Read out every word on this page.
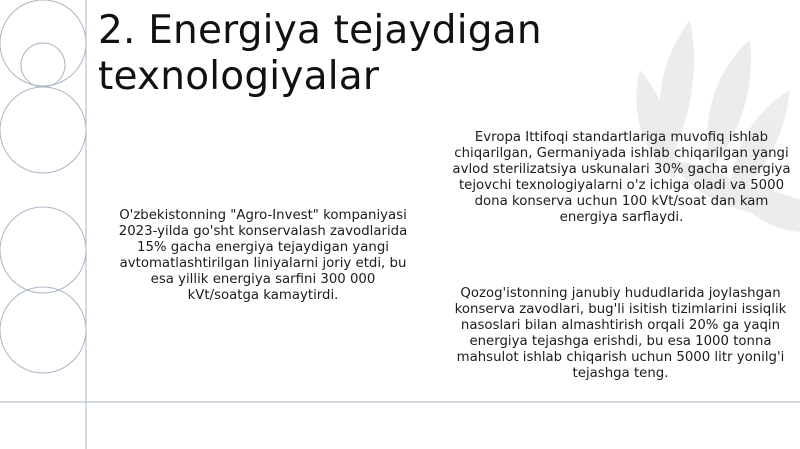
2. Energiya tejaydigan
texnologiyalar

O'zbekistonning "Agro-Invest" kompaniyasi 2023-yilda go'sht konservalash zavodlarida 15% gacha energiya tejaydigan yangi avtomatlashtirilgan liniyalarni joriy etdi, bu esa yillik energiya sarfini 300 000 kVt/soatga kamaytirdi.

Evropa Ittifoqi standartlariga muvofiq ishlab chiqarilgan, Germaniyada ishlab chiqarilgan yangi avlod sterilizatsiya uskunalari 30% gacha energiya tejovchi texnologiyalarni o'z ichiga oladi va 5000 dona konserva uchun 100 kVt/soat dan kam energiya sarflaydi.

Qozog'istonning janubiy hududlarida joylashgan konserva zavodlari, bug'li isitish tizimlarini issiqlik nasoslari bilan almashtirish orqali 20% ga yaqin energiya tejashga erishdi, bu esa 1000 tonna mahsulot ishlab chiqarish uchun 5000 litr yonilg'i tejashga teng.
